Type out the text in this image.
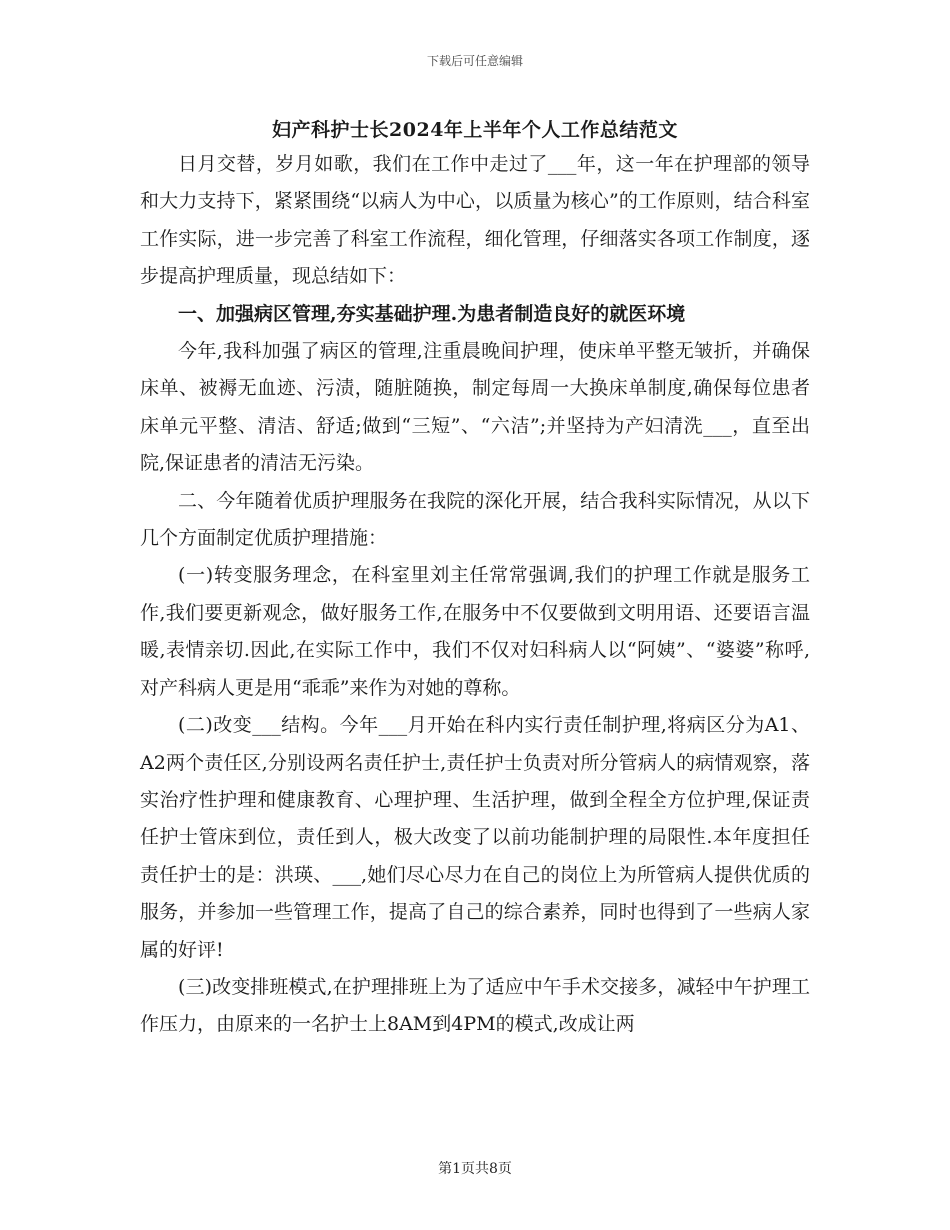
下载后可任意编辑
妇产科护士长2024年上半年个人工作总结范文

日月交替，岁月如歌，我们在工作中走过了___年，这一年在护理部的领导和大力支持下，紧紧围绕“以病人为中心，以质量为核心”的工作原则，结合科室工作实际，进一步完善了科室工作流程，细化管理，仔细落实各项工作制度，逐步提高护理质量，现总结如下：

一、加强病区管理,夯实基础护理.为患者制造良好的就医环境

今年,我科加强了病区的管理,注重晨晚间护理，使床单平整无皱折，并确保床单、被褥无血迹、污渍，随脏随换，制定每周一大换床单制度,确保每位患者床单元平整、清洁、舒适;做到“三短”、“六洁”;并坚持为产妇清洗___，直至出院,保证患者的清洁无污染。

二、今年随着优质护理服务在我院的深化开展，结合我科实际情况，从以下几个方面制定优质护理措施：

(一)转变服务理念，在科室里刘主任常常强调,我们的护理工作就是服务工作,我们要更新观念，做好服务工作,在服务中不仅要做到文明用语、还要语言温暖,表情亲切.因此,在实际工作中，我们不仅对妇科病人以“阿姨”、“婆婆”称呼,对产科病人更是用“乖乖”来作为对她的尊称。

(二)改变___结构。今年___月开始在科内实行责任制护理,将病区分为A1、A2两个责任区,分别设两名责任护士,责任护士负责对所分管病人的病情观察，落实治疗性护理和健康教育、心理护理、生活护理，做到全程全方位护理,保证责任护士管床到位，责任到人，极大改变了以前功能制护理的局限性.本年度担任责任护士的是：洪瑛、___,她们尽心尽力在自己的岗位上为所管病人提供优质的服务，并参加一些管理工作，提高了自己的综合素养，同时也得到了一些病人家属的好评!

(三)改变排班模式,在护理排班上为了适应中午手术交接多，减轻中午护理工作压力，由原来的一名护士上8AM到4PM的模式,改成让两

第1页共8页
